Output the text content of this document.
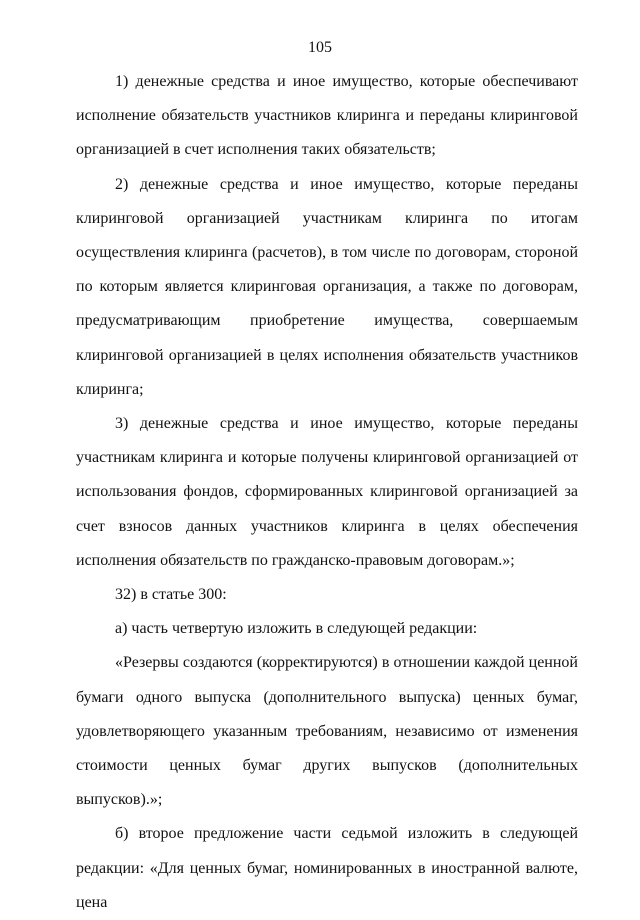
105

1) денежные средства и иное имущество, которые обеспечивают исполнение обязательств участников клиринга и переданы клиринговой организацией в счет исполнения таких обязательств;

2) денежные средства и иное имущество, которые переданы клиринговой организацией участникам клиринга по итогам осуществления клиринга (расчетов), в том числе по договорам, стороной по которым является клиринговая организация, а также по договорам, предусматривающим приобретение имущества, совершаемым клиринговой организацией в целях исполнения обязательств участников клиринга;

3) денежные средства и иное имущество, которые переданы участникам клиринга и которые получены клиринговой организацией от использования фондов, сформированных клиринговой организацией за счет взносов данных участников клиринга в целях обеспечения исполнения обязательств по гражданско-правовым договорам.»;

32) в статье 300:

а) часть четвертую изложить в следующей редакции:

«Резервы создаются (корректируются) в отношении каждой ценной бумаги одного выпуска (дополнительного выпуска) ценных бумаг, удовлетворяющего указанным требованиям, независимо от изменения стоимости ценных бумаг других выпусков (дополнительных выпусков).»;

б) второе предложение части седьмой изложить в следующей редакции: «Для ценных бумаг, номинированных в иностранной валюте, цена
